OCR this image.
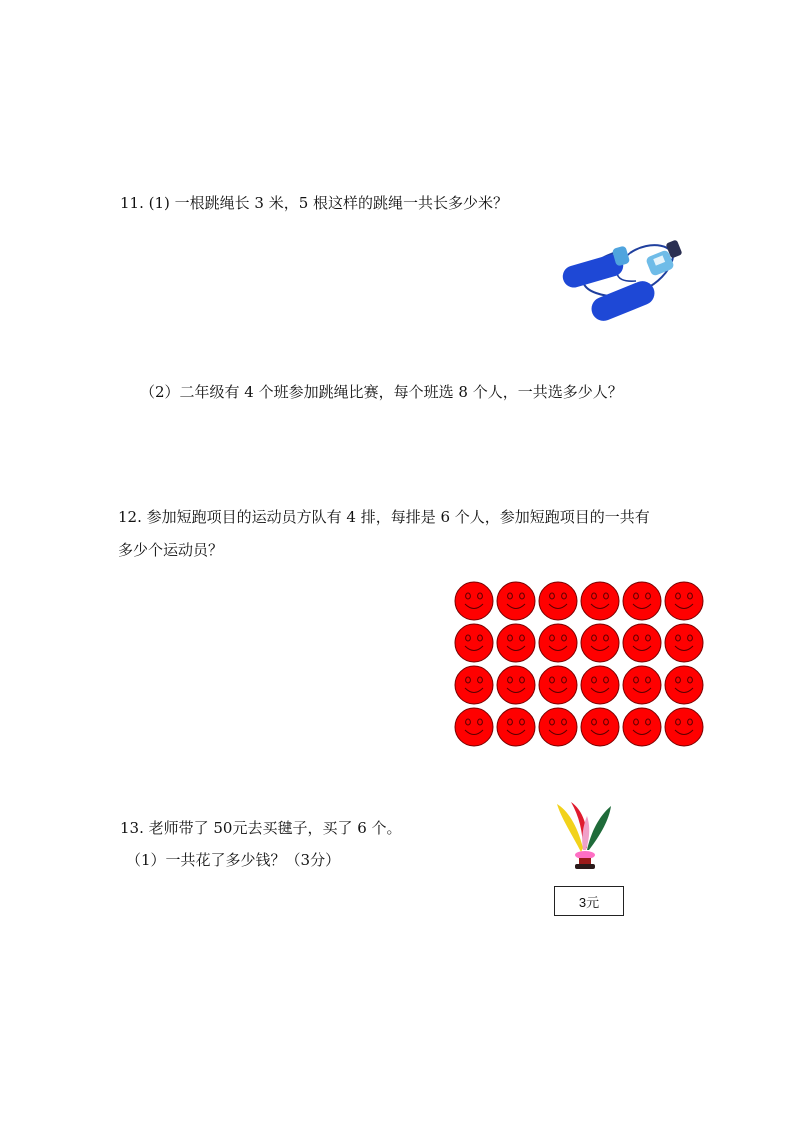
11. (1) 一根跳绳长 3 米，5 根这样的跳绳一共长多少米？
（2）二年级有 4 个班参加跳绳比赛，每个班选 8 个人，一共选多少人？
12. 参加短跑项目的运动员方队有 4 排，每排是 6 个人，参加短跑项目的一共有
多少个运动员？
13. 老师带了 50元去买毽子，买了 6 个。
（1）一共花了多少钱？（3分）
3元
